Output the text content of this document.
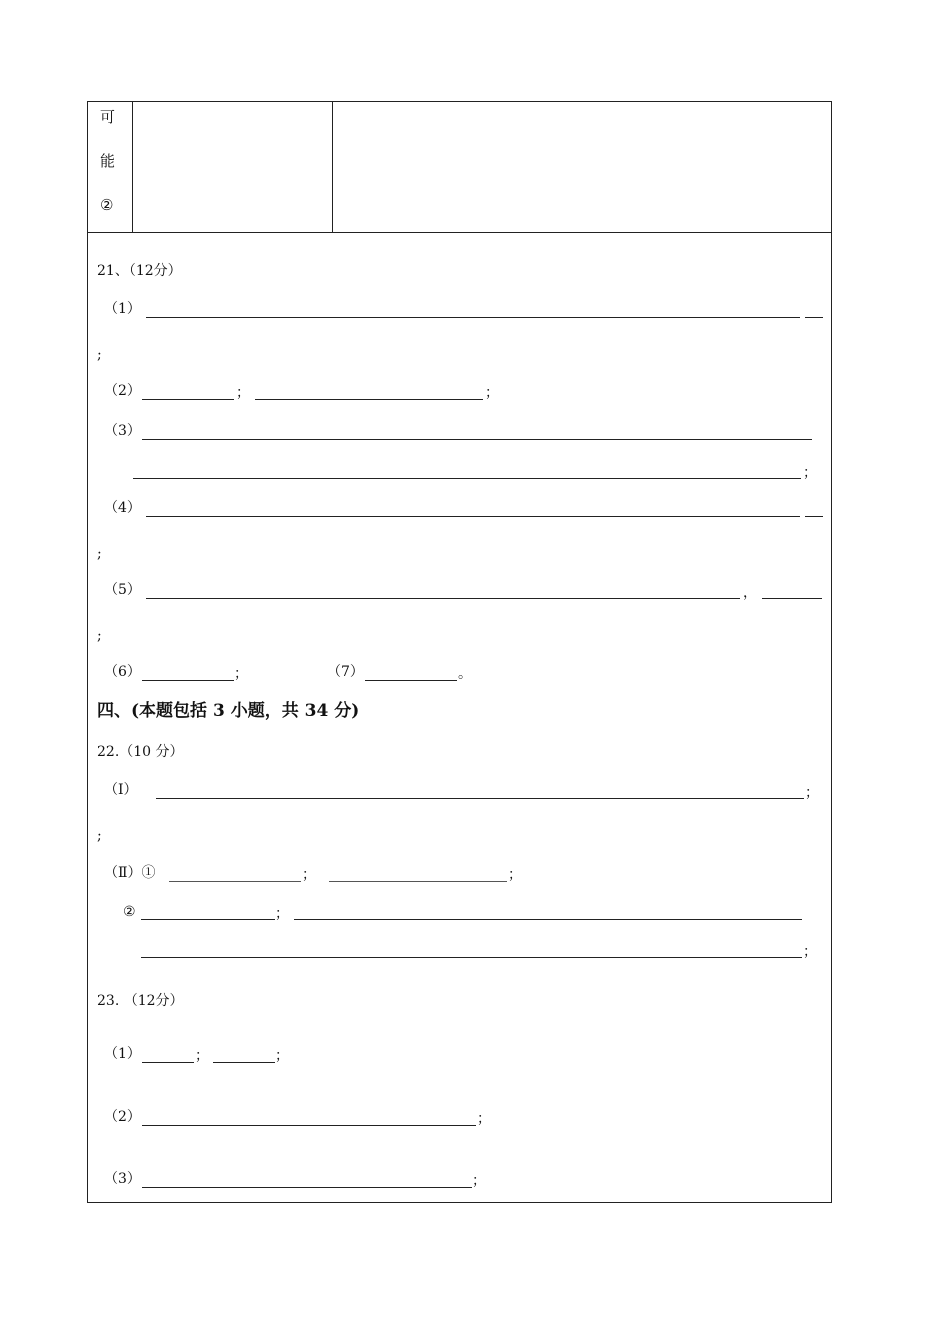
可
能
②
21、（12分）
（1）
;
（2）	；	；
（3）
；
（4）
;
（5）	，
;
（6）	；	（7）	。
四、(本题包括 3 小题，共 34 分)
22.（10 分）
（Ⅰ）	；
;
（Ⅱ）①	；	；
②	；
；
23. （12分）
（1）	；	；
（2）	；
（3）	；
